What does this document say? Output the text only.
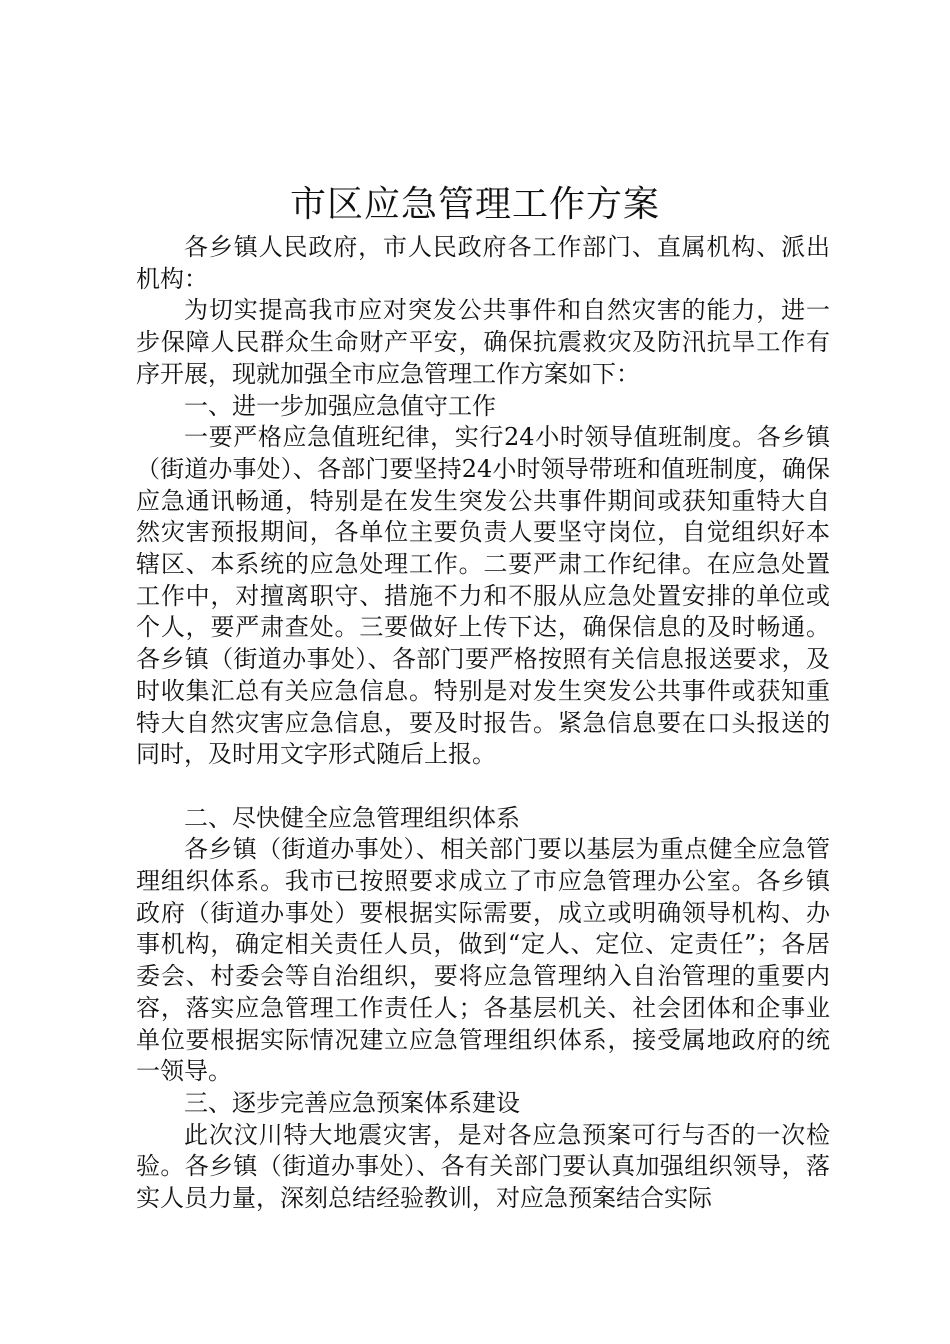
市区应急管理工作方案

各乡镇人民政府，市人民政府各工作部门、直属机构、派出机构：

为切实提高我市应对突发公共事件和自然灾害的能力，进一步保障人民群众生命财产平安，确保抗震救灾及防汛抗旱工作有序开展，现就加强全市应急管理工作方案如下：

一、进一步加强应急值守工作

一要严格应急值班纪律，实行24小时领导值班制度。各乡镇（街道办事处）、各部门要坚持24小时领导带班和值班制度，确保应急通讯畅通，特别是在发生突发公共事件期间或获知重特大自然灾害预报期间，各单位主要负责人要坚守岗位，自觉组织好本辖区、本系统的应急处理工作。二要严肃工作纪律。在应急处置工作中，对擅离职守、措施不力和不服从应急处置安排的单位或个人，要严肃查处。三要做好上传下达，确保信息的及时畅通。各乡镇（街道办事处）、各部门要严格按照有关信息报送要求，及时收集汇总有关应急信息。特别是对发生突发公共事件或获知重特大自然灾害应急信息，要及时报告。紧急信息要在口头报送的同时，及时用文字形式随后上报。

二、尽快健全应急管理组织体系

各乡镇（街道办事处）、相关部门要以基层为重点健全应急管理组织体系。我市已按照要求成立了市应急管理办公室。各乡镇政府（街道办事处）要根据实际需要，成立或明确领导机构、办事机构，确定相关责任人员，做到“定人、定位、定责任”；各居委会、村委会等自治组织，要将应急管理纳入自治管理的重要内容，落实应急管理工作责任人；各基层机关、社会团体和企事业单位要根据实际情况建立应急管理组织体系，接受属地政府的统一领导。

三、逐步完善应急预案体系建设

此次汶川特大地震灾害，是对各应急预案可行与否的一次检验。各乡镇（街道办事处）、各有关部门要认真加强组织领导，落实人员力量，深刻总结经验教训，对应急预案结合实际
